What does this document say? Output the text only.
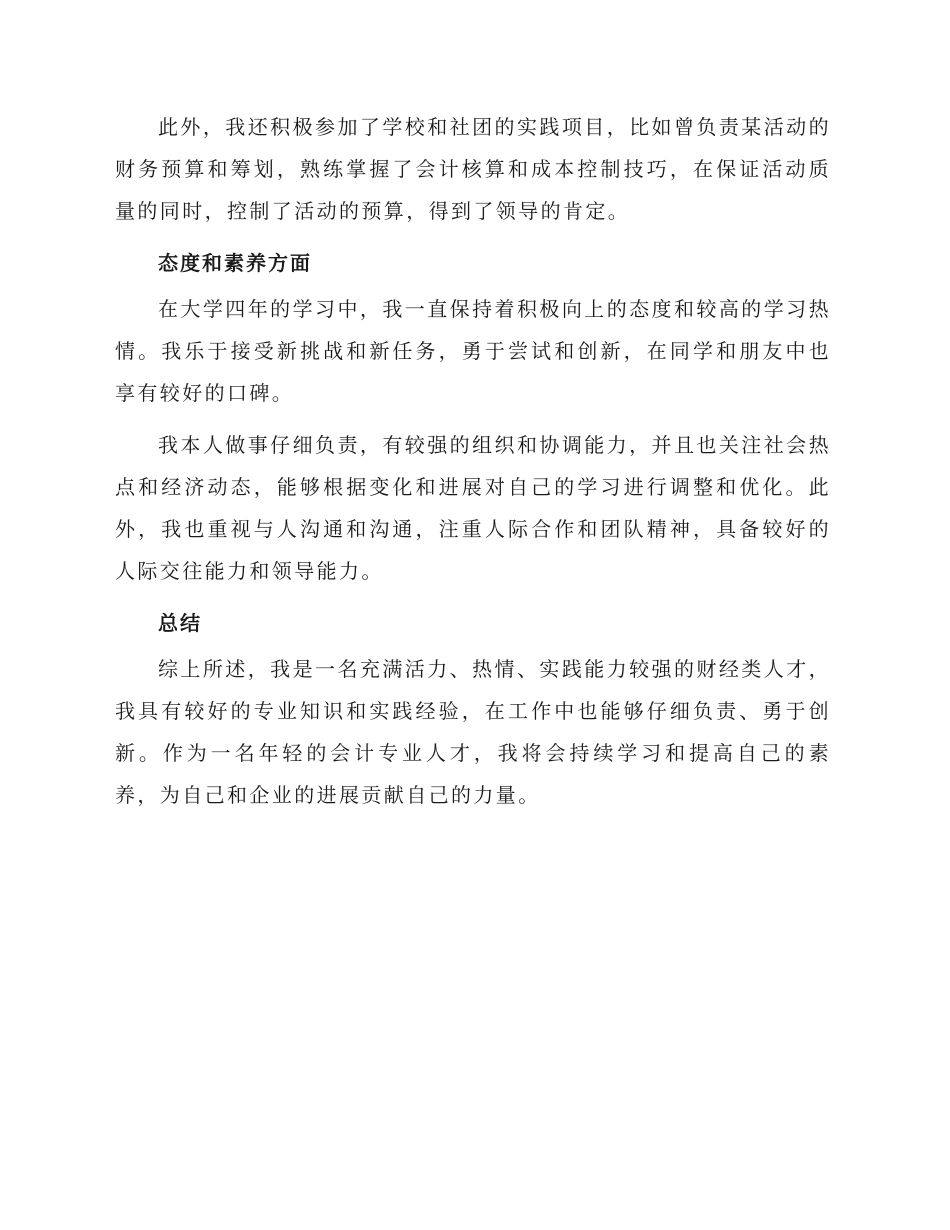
此外，我还积极参加了学校和社团的实践项目，比如曾负责某活动的财务预算和筹划，熟练掌握了会计核算和成本控制技巧，在保证活动质量的同时，控制了活动的预算，得到了领导的肯定。

态度和素养方面

在大学四年的学习中，我一直保持着积极向上的态度和较高的学习热情。我乐于接受新挑战和新任务，勇于尝试和创新，在同学和朋友中也享有较好的口碑。

我本人做事仔细负责，有较强的组织和协调能力，并且也关注社会热点和经济动态，能够根据变化和进展对自己的学习进行调整和优化。此外，我也重视与人沟通和沟通，注重人际合作和团队精神，具备较好的人际交往能力和领导能力。

总结

综上所述，我是一名充满活力、热情、实践能力较强的财经类人才，我具有较好的专业知识和实践经验，在工作中也能够仔细负责、勇于创新。作为一名年轻的会计专业人才，我将会持续学习和提高自己的素养，为自己和企业的进展贡献自己的力量。
